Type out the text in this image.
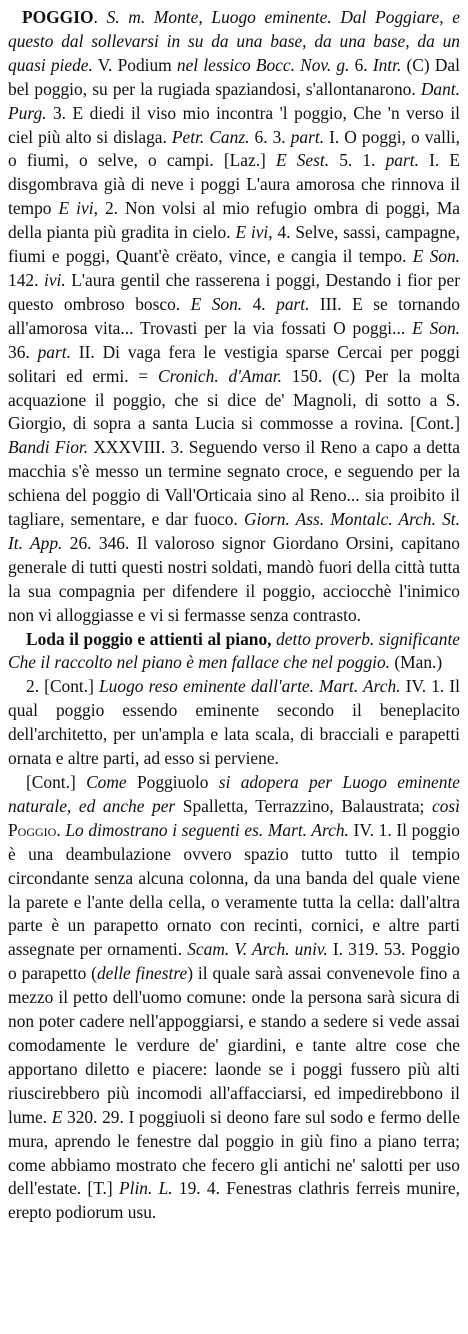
POGGIO. S. m. Monte, Luogo eminente. Dal Poggiare, e questo dal sollevarsi in su da una base, da una base, da un quasi piede. V. Podium nel lessico Bocc. Nov. g. 6. Intr. (C) Dal bel poggio, su per la rugiada spaziandosi, s'allontanarono. Dant. Purg. 3. E diedi il viso mio incontra 'l poggio, Che 'n verso il ciel più alto si dislaga. Petr. Canz. 6. 3. part. I. O poggi, o valli, o fiumi, o selve, o campi. [Laz.] E Sest. 5. 1. part. I. E disgombrava già di neve i poggi L'aura amorosa che rinnova il tempo E ivi, 2. Non volsi al mio refugio ombra di poggi, Ma della pianta più gradita in cielo. E ivi, 4. Selve, sassi, campagne, fiumi e poggi, Quant'è crëato, vince, e cangia il tempo. E Son. 142. ivi. L'aura gentil che rasserena i poggi, Destando i fior per questo ombroso bosco. E Son. 4. part. III. E se tornando all'amorosa vita... Trovasti per la via fossati O poggi... E Son. 36. part. II. Di vaga fera le vestigia sparse Cercai per poggi solitari ed ermi. = Cronich. d'Amar. 150. (C) Per la molta acquazione il poggio, che si dice de' Magnoli, di sotto a S. Giorgio, di sopra a santa Lucia si commosse a rovina. [Cont.] Bandi Fior. XXXVIII. 3. Seguendo verso il Reno a capo a detta macchia s'è messo un termine segnato croce, e seguendo per la schiena del poggio di Vall'Orticaia sino al Reno... sia proibito il tagliare, sementare, e dar fuoco. Giorn. Ass. Montalc. Arch. St. It. App. 26. 346. Il valoroso signor Giordano Orsini, capitano generale di tutti questi nostri soldati, mandò fuori della città tutta la sua compagnia per difendere il poggio, acciocchè l'inimico non vi alloggiasse e vi si fermasse senza contrasto.

Loda il poggio e attienti al piano, detto proverb. significante Che il raccolto nel piano è men fallace che nel poggio. (Man.)

2. [Cont.] Luogo reso eminente dall'arte. Mart. Arch. IV. 1. Il qual poggio essendo eminente secondo il beneplacito dell'architetto, per un'ampla e lata scala, di bracciali e parapetti ornata e altre parti, ad esso si perviene.

[Cont.] Come Poggiuolo si adopera per Luogo eminente naturale, ed anche per Spalletta, Terrazzino, Balaustrata; così Poggio. Lo dimostrano i seguenti es. Mart. Arch. IV. 1. Il poggio è una deambulazione ovvero spazio tutto tutto il tempio circondante senza alcuna colonna, da una banda del quale viene la parete e l'ante della cella, o veramente tutta la cella: dall'altra parte è un parapetto ornato con recinti, cornici, e altre parti assegnate per ornamenti. Scam. V. Arch. univ. I. 319. 53. Poggio o parapetto (delle finestre) il quale sarà assai convenevole fino a mezzo il petto dell'uomo comune: onde la persona sarà sicura di non poter cadere nell'appoggiarsi, e stando a sedere si vede assai comodamente le verdure de' giardini, e tante altre cose che apportano diletto e piacere: laonde se i poggi fussero più alti riuscirebbero più incomodi all'affacciarsi, ed impedirebbono il lume. E 320. 29. I poggiuoli si deono fare sul sodo e fermo delle mura, aprendo le fenestre dal poggio in giù fino a piano terra; come abbiamo mostrato che fecero gli antichi ne' salotti per uso dell'estate. [T.] Plin. L. 19. 4. Fenestras clathris ferreis munire, erepto podiorum usu.
